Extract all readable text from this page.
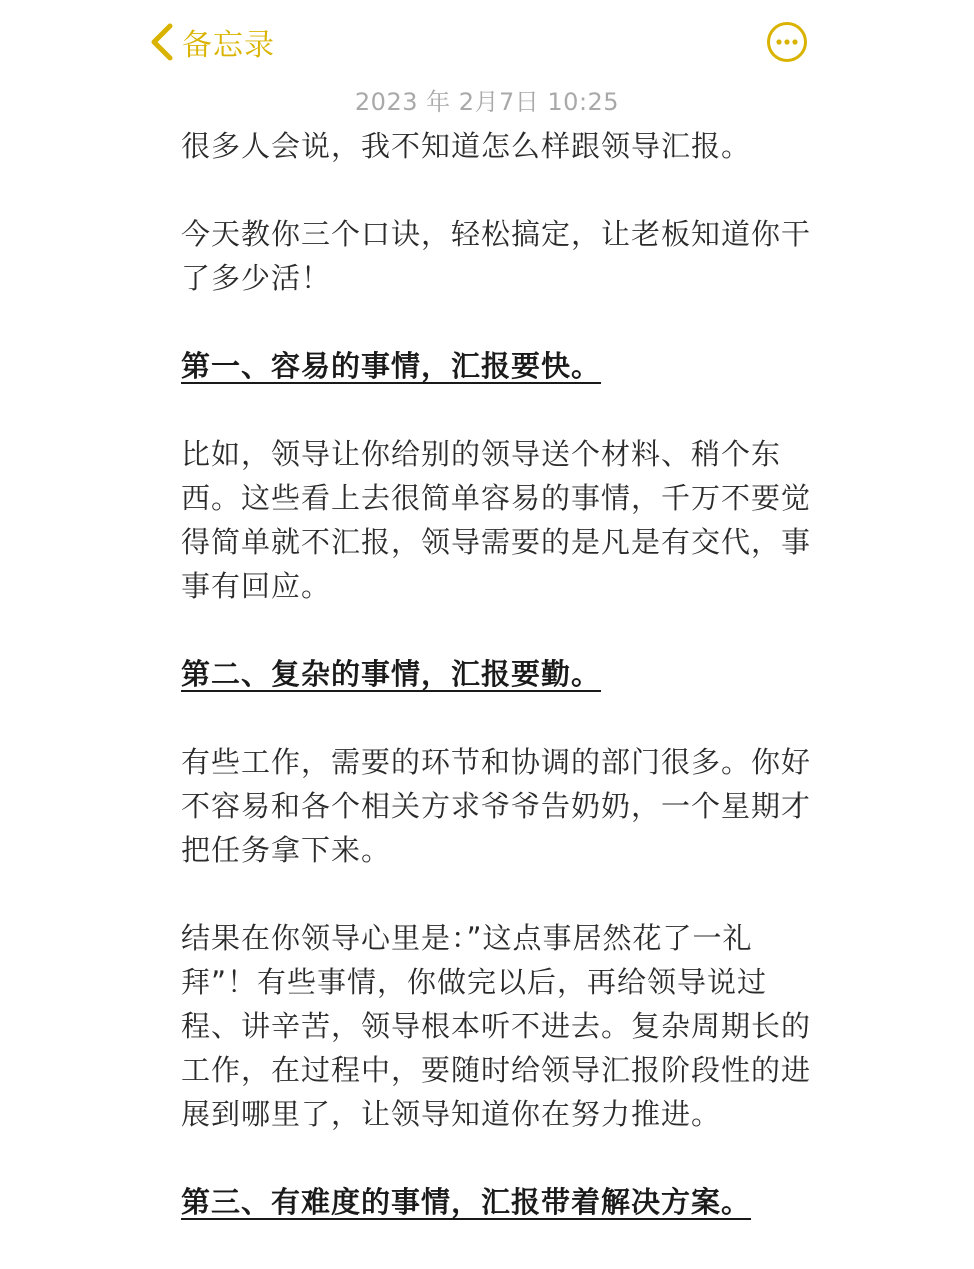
备忘录
2023 年 2月7日 10:25

很多人会说，我不知道怎么样跟领导汇报。

今天教你三个口诀，轻松搞定，让老板知道你干了多少活！

第一、容易的事情，汇报要快。

比如，领导让你给别的领导送个材料、稍个东西。这些看上去很简单容易的事情，千万不要觉得简单就不汇报，领导需要的是凡是有交代，事事有回应。

第二、复杂的事情，汇报要勤。

有些工作，需要的环节和协调的部门很多。你好不容易和各个相关方求爷爷告奶奶，一个星期才把任务拿下来。

结果在你领导心里是：”这点事居然花了一礼拜”！有些事情，你做完以后，再给领导说过程、讲辛苦，领导根本听不进去。复杂周期长的工作，在过程中，要随时给领导汇报阶段性的进展到哪里了，让领导知道你在努力推进。

第三、有难度的事情，汇报带着解决方案。
